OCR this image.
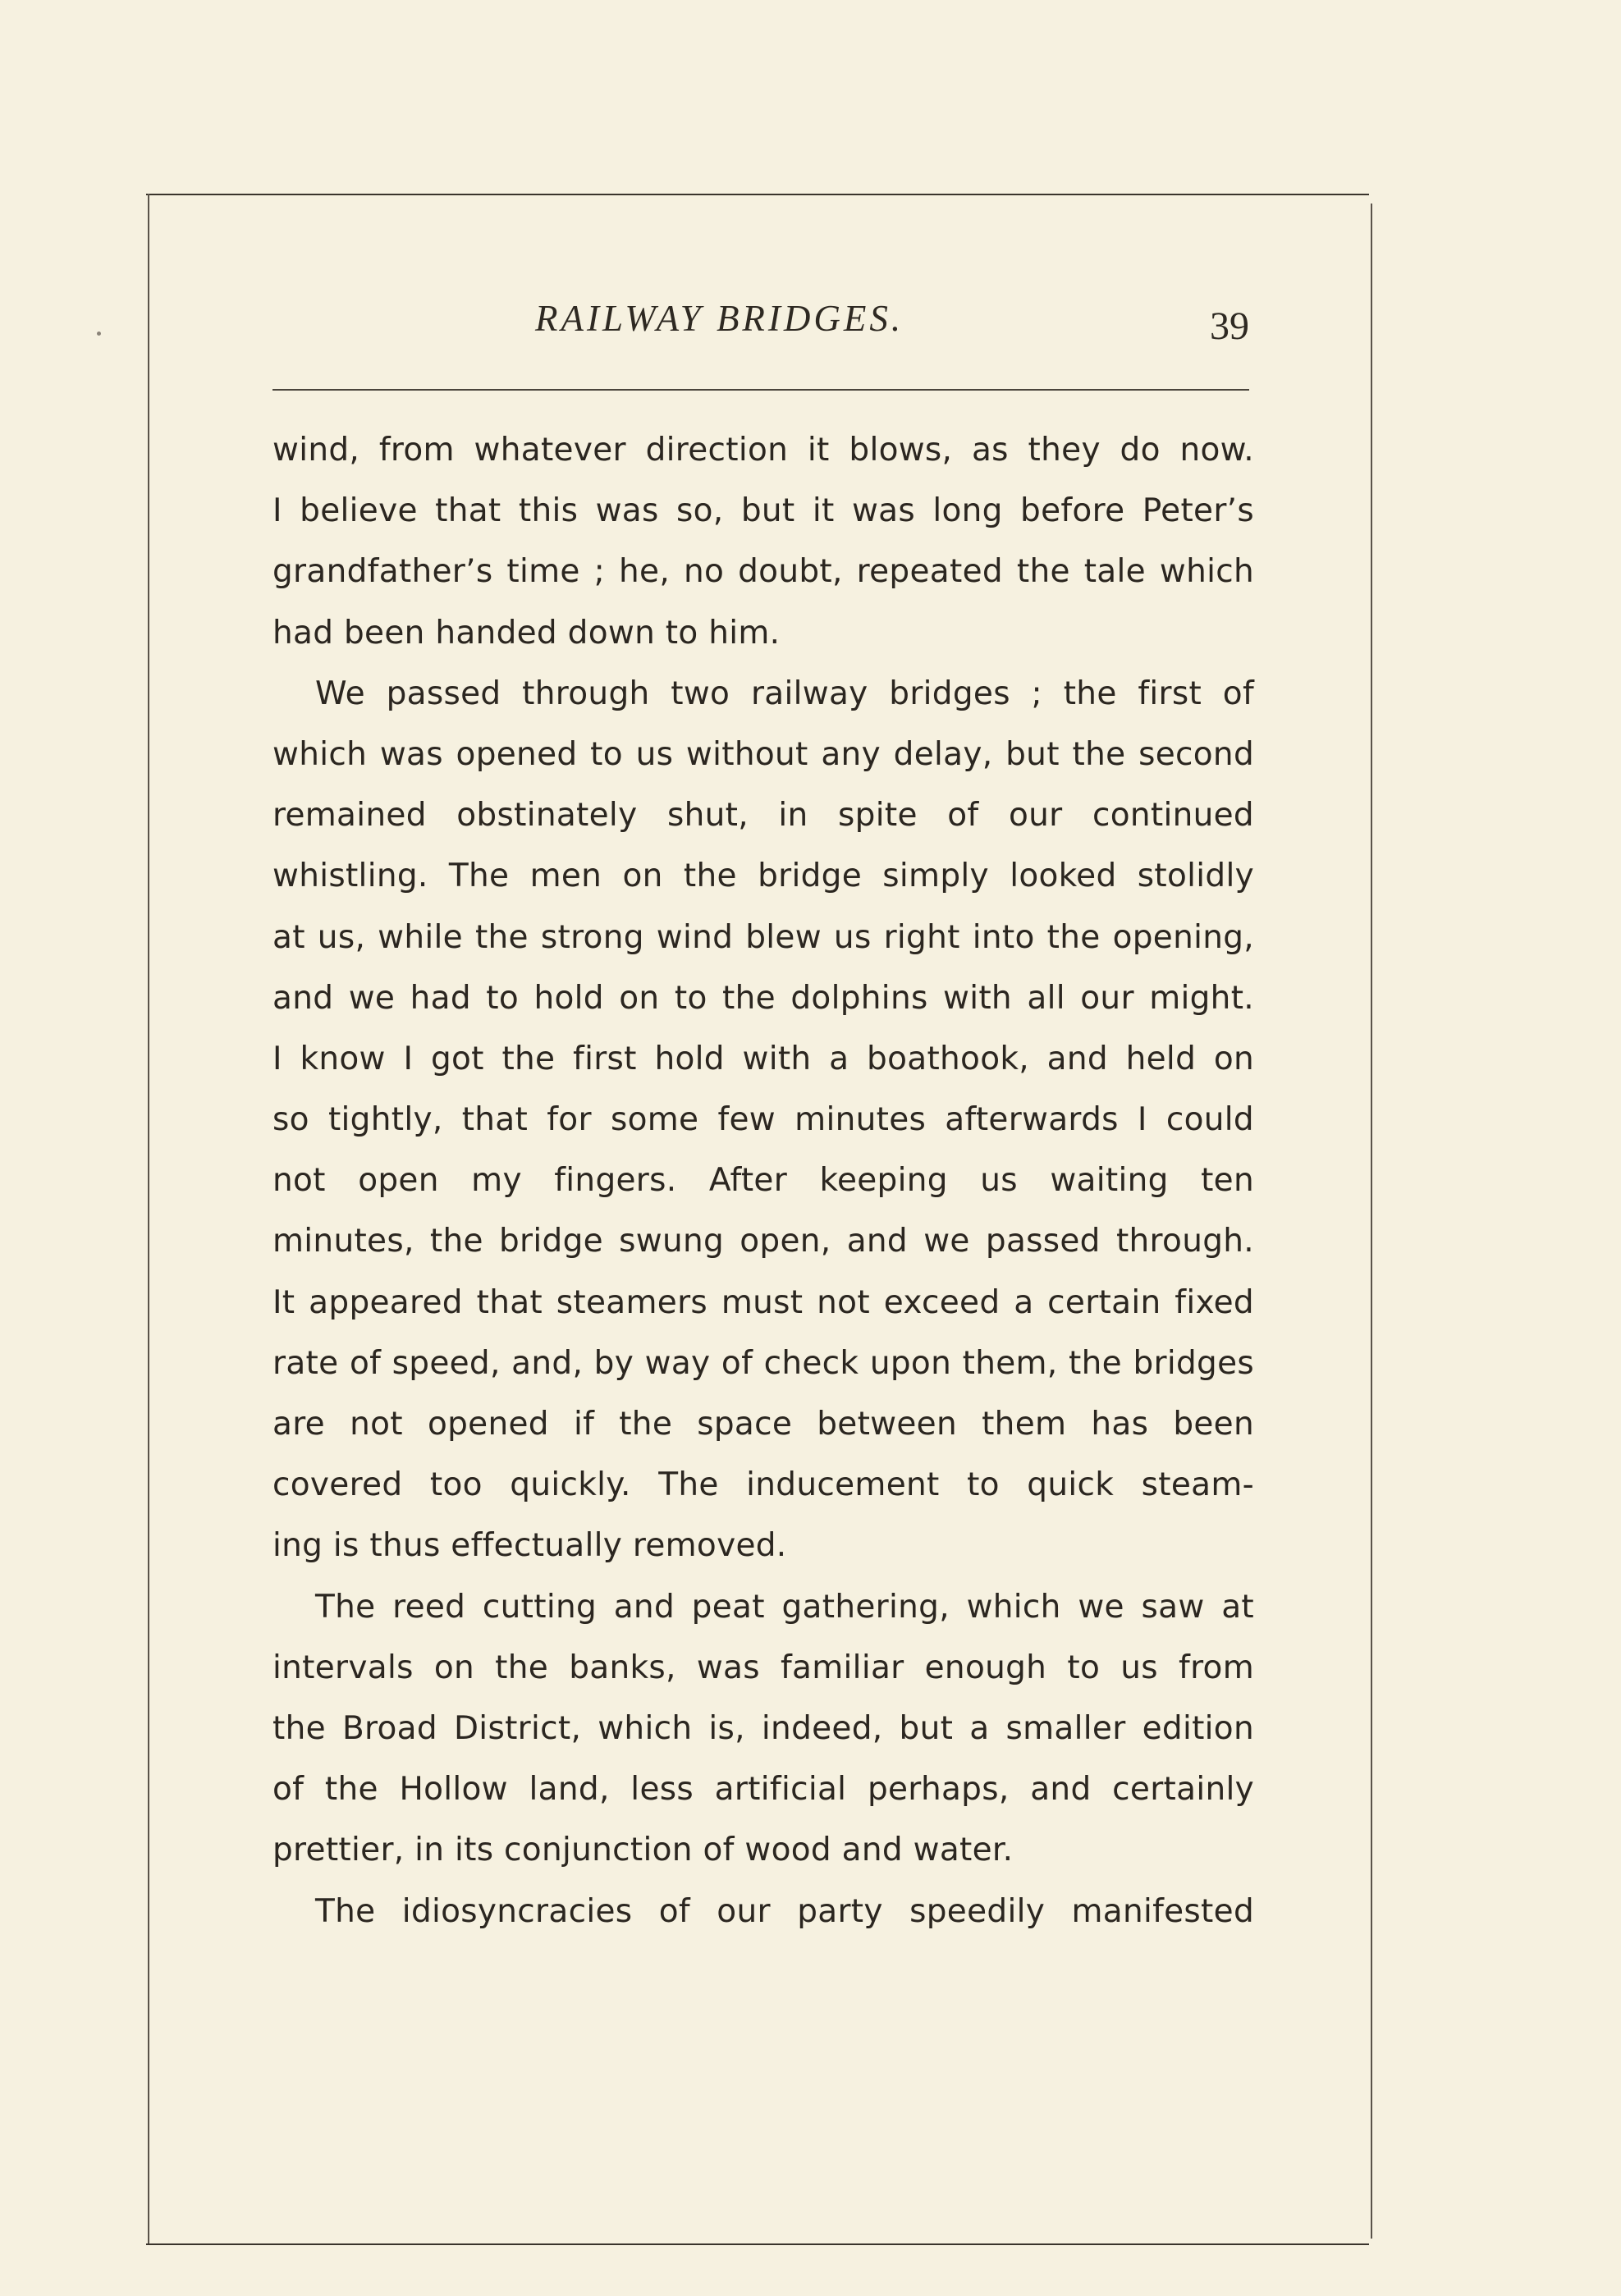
RAILWAY BRIDGES.	39
wind, from whatever direction it blows, as they do now.
I believe that this was so, but it was long before Peter’s
grandfather’s time ; he, no doubt, repeated the tale which
had been handed down to him.
We passed through two railway bridges ; the first of
which was opened to us without any delay, but the second
remained obstinately shut, in spite of our continued
whistling. The men on the bridge simply looked stolidly
at us, while the strong wind blew us right into the opening,
and we had to hold on to the dolphins with all our might.
I know I got the first hold with a boathook, and held on
so tightly, that for some few minutes afterwards I could
not open my fingers. After keeping us waiting ten
minutes, the bridge swung open, and we passed through.
It appeared that steamers must not exceed a certain fixed
rate of speed, and, by way of check upon them, the bridges
are not opened if the space between them has been
covered too quickly. The inducement to quick steam-
ing is thus effectually removed.
The reed cutting and peat gathering, which we saw at
intervals on the banks, was familiar enough to us from
the Broad District, which is, indeed, but a smaller edition
of the Hollow land, less artificial perhaps, and certainly
prettier, in its conjunction of wood and water.
The idiosyncracies of our party speedily manifested
